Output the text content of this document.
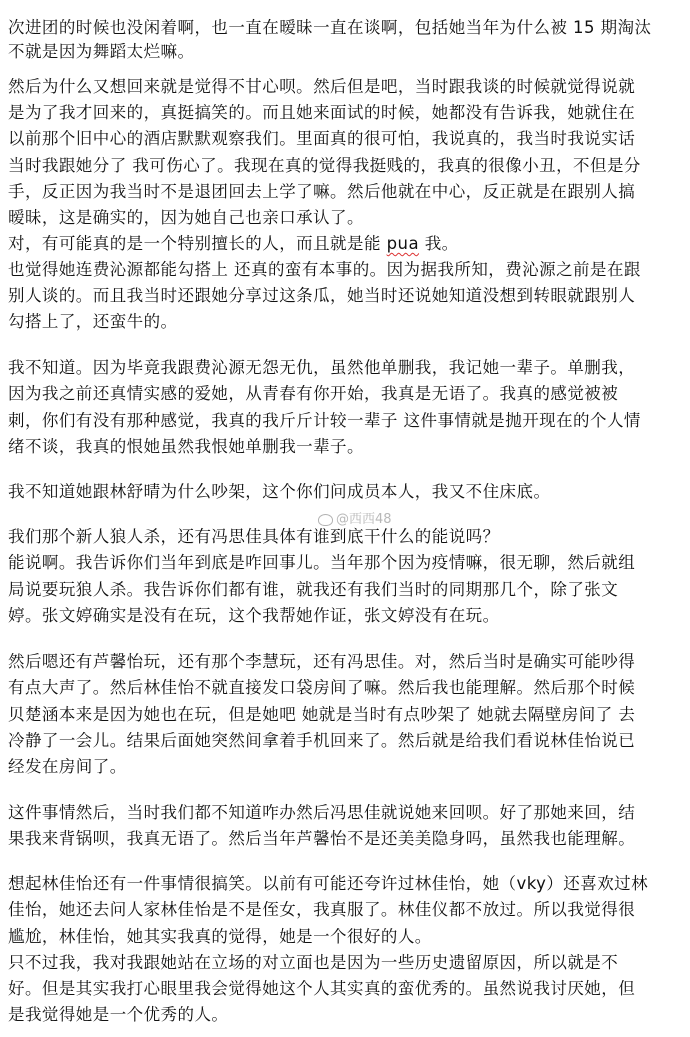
次进团的时候也没闲着啊，也一直在暧昧一直在谈啊，包括她当年为什么被 15 期淘汰

不就是因为舞蹈太烂嘛。

然后为什么又想回来就是觉得不甘心呗。然后但是吧，当时跟我谈的时候就觉得说就

是为了我才回来的，真挺搞笑的。而且她来面试的时候，她都没有告诉我，她就住在

以前那个旧中心的酒店默默观察我们。里面真的很可怕，我说真的，我当时我说实话

当时我跟她分了 我可伤心了。我现在真的觉得我挺贱的，我真的很像小丑，不但是分

手，反正因为我当时不是退团回去上学了嘛。然后他就在中心，反正就是在跟别人搞

暧昧，这是确实的，因为她自己也亲口承认了。

对，有可能真的是一个特别擅长的人，而且就是能 pua 我。

也觉得她连费沁源都能勾搭上 还真的蛮有本事的。因为据我所知，费沁源之前是在跟

别人谈的。而且我当时还跟她分享过这条瓜，她当时还说她知道没想到转眼就跟别人

勾搭上了，还蛮牛的。

我不知道。因为毕竟我跟费沁源无怨无仇，虽然他单删我，我记她一辈子。单删我，

因为我之前还真情实感的爱她，从青春有你开始，我真是无语了。我真的感觉被被

刺，你们有没有那种感觉，我真的我斤斤计较一辈子 这件事情就是抛开现在的个人情

绪不谈，我真的恨她虽然我恨她单删我一辈子。

我不知道她跟林舒晴为什么吵架，这个你们问成员本人，我又不住床底。

我们那个新人狼人杀，还有冯思佳具体有谁到底干什么的能说吗？

能说啊。我告诉你们当年到底是咋回事儿。当年那个因为疫情嘛，很无聊，然后就组

局说要玩狼人杀。我告诉你们都有谁，就我还有我们当时的同期那几个，除了张文

婷。张文婷确实是没有在玩，这个我帮她作证，张文婷没有在玩。

然后嗯还有芦馨怡玩，还有那个李慧玩，还有冯思佳。对，然后当时是确实可能吵得

有点大声了。然后林佳怡不就直接发口袋房间了嘛。然后我也能理解。然后那个时候

贝楚涵本来是因为她也在玩，但是她吧 她就是当时有点吵架了 她就去隔壁房间了 去

冷静了一会儿。结果后面她突然间拿着手机回来了。然后就是给我们看说林佳怡说已

经发在房间了。

这件事情然后，当时我们都不知道咋办然后冯思佳就说她来回呗。好了那她来回，结

果我来背锅呗，我真无语了。然后当年芦馨怡不是还美美隐身吗，虽然我也能理解。

想起林佳怡还有一件事情很搞笑。以前有可能还夸许过林佳怡，她（vky）还喜欢过林

佳怡，她还去问人家林佳怡是不是侄女，我真服了。林佳仪都不放过。所以我觉得很

尴尬，林佳怡，她其实我真的觉得，她是一个很好的人。

只不过我，我对我跟她站在立场的对立面也是因为一些历史遗留原因，所以就是不

好。但是其实我打心眼里我会觉得她这个人其实真的蛮优秀的。虽然说我讨厌她，但

是我觉得她是一个优秀的人。

@西西48
